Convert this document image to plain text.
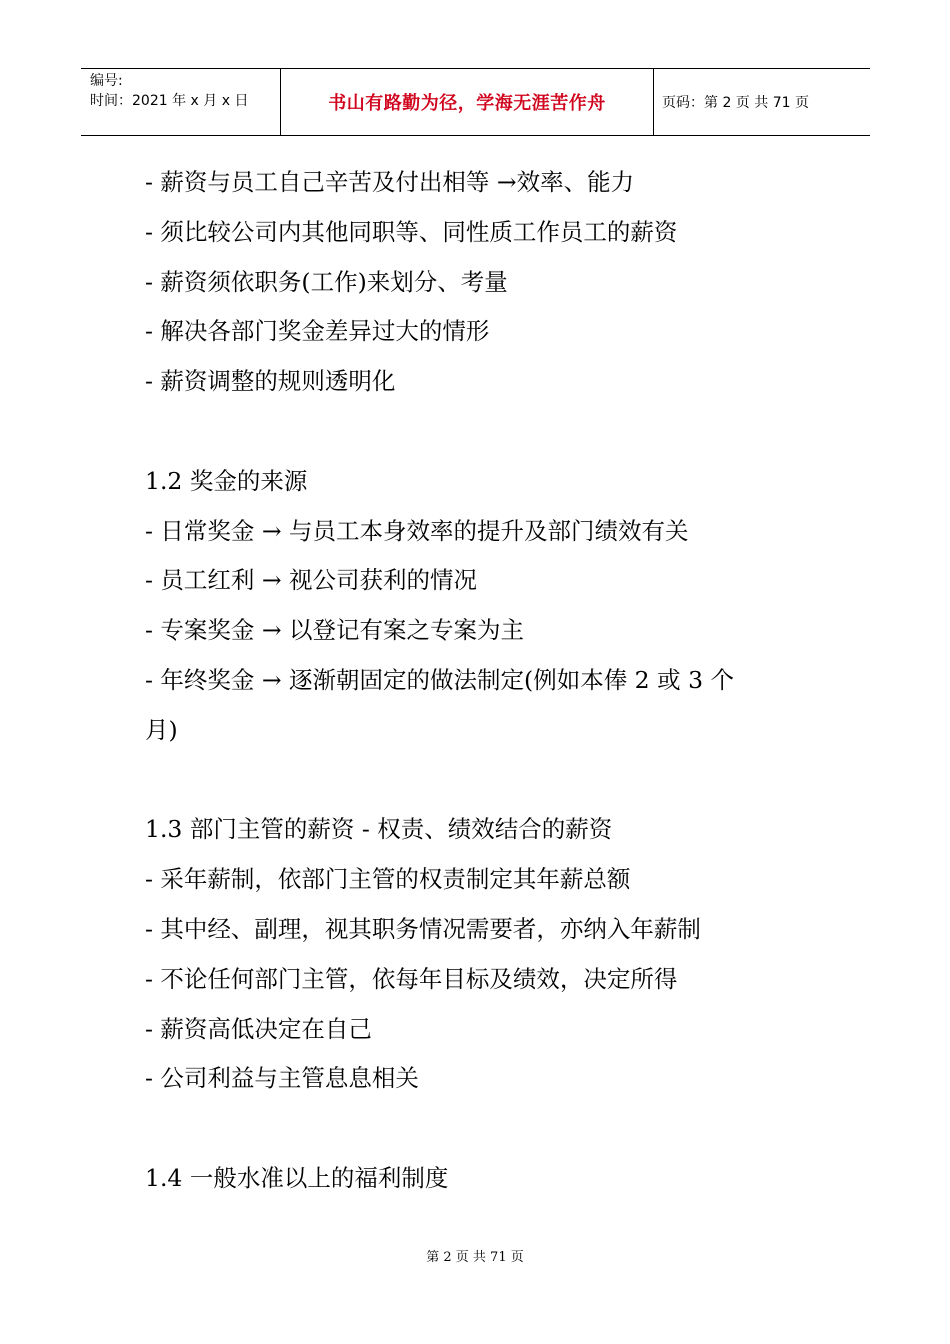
编号:
时间：2021 年 x 月 x 日	书山有路勤为径，学海无涯苦作舟	页码：第 2 页 共 71 页
- 薪资与员工自己辛苦及付出相等 →效率、能力
- 须比较公司内其他同职等、同性质工作员工的薪资
- 薪资须依职务(工作)来划分、考量
- 解决各部门奖金差异过大的情形
- 薪资调整的规则透明化
1.2 奖金的来源
- 日常奖金 → 与员工本身效率的提升及部门绩效有关
- 员工红利 → 视公司获利的情况
- 专案奖金 → 以登记有案之专案为主
- 年终奖金 → 逐渐朝固定的做法制定(例如本俸 2 或 3 个
月)
1.3 部门主管的薪资 - 权责、绩效结合的薪资
- 采年薪制，依部门主管的权责制定其年薪总额
- 其中经、副理，视其职务情况需要者，亦纳入年薪制
- 不论任何部门主管，依每年目标及绩效，决定所得
- 薪资高低决定在自己
- 公司利益与主管息息相关
1.4 一般水准以上的福利制度
第 2 页 共 71 页
